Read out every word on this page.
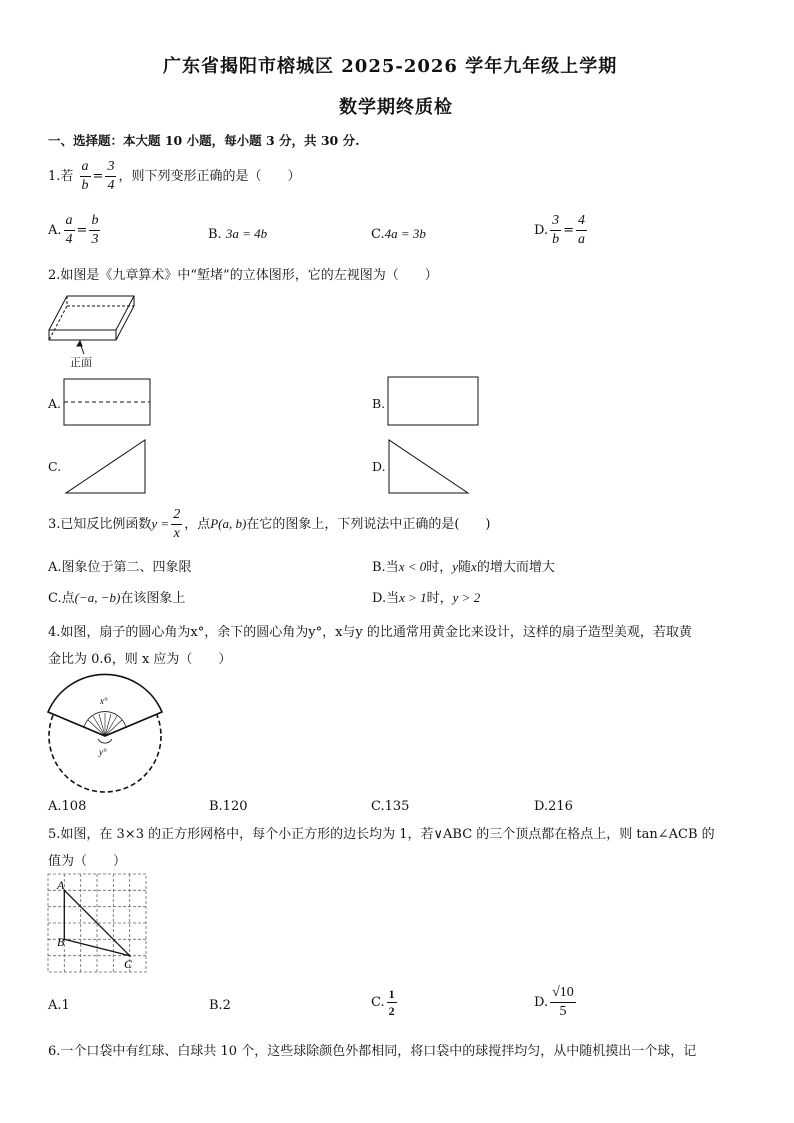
广东省揭阳市榕城区 2025-2026 学年九年级上学期
数学期终质检
一、选择题：本大题 10 小题，每小题 3 分，共 30 分.
1.若 $\frac{a}{b} = \frac{3}{4}$ ，则下列变形正确的是（　　）
A. $\frac{a}{4} = \frac{b}{3}$	B. 3a = 4b	C.4a = 3b	D. $\frac{3}{b} = \frac{4}{a}$
2.如图是《九章算术》中“堑堵”的立体图形，它的左视图为（　　）
正面
A.	B.
C.	D.
3.已知反比例函数$y = \frac{2}{x}$ ，点P(a, b)在它的图象上，下列说法中正确的是(　　)
A.图象位于第二、四象限	B.当x < 0时，y随x的增大而增大
C.点(−a, −b)在该图象上	D.当x > 1时，y > 2
4.如图，扇子的圆心角为x°，余下的圆心角为y°，x与y 的比通常用黄金比来设计，这样的扇子造型美观，若取黄
金比为 0.6，则 x 应为（　　）
x°
y°
A.108	B.120	C.135	D.216
5.如图，在 3×3 的正方形网格中，每个小正方形的边长均为 1，若∨ABC 的三个顶点都在格点上，则 tan∠ACB 的
值为（　　）
A
B
C
A.1	B.2	C. $\frac{1}{2}$	D. $\frac{√10}{5}$
6.一个口袋中有红球、白球共 10 个，这些球除颜色外都相同，将口袋中的球搅拌均匀，从中随机摸出一个球，记
